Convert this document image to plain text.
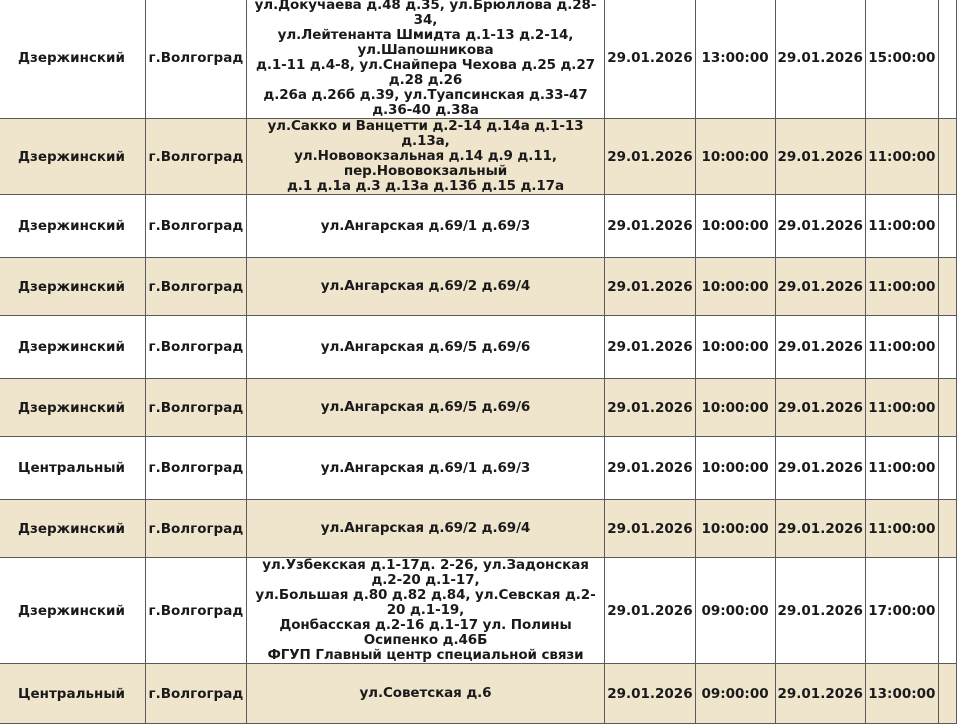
Дзержинский	г.Волгоград	ул.Докучаева д.48 д.35, ул.Брюллова д.28-34,
ул.Лейтенанта Шмидта д.1-13 д.2-14, ул.Шапошникова
д.1-11 д.4-8, ул.Снайпера Чехова д.25 д.27 д.28 д.26
д.26а д.26б д.39, ул.Туапсинская д.33-47 д.36-40 д.38а	29.01.2026	13:00:00	29.01.2026	15:00:00	
Дзержинский	г.Волгоград	ул.Сакко и Ванцетти д.2-14 д.14а д.1-13 д.13а,
ул.Нововокзальная д.14 д.9 д.11, пер.Нововокзальный
д.1 д.1а д.3 д.13а д.13б д.15 д.17а	29.01.2026	10:00:00	29.01.2026	11:00:00	
Дзержинский	г.Волгоград	ул.Ангарская д.69/1 д.69/3	29.01.2026	10:00:00	29.01.2026	11:00:00	
Дзержинский	г.Волгоград	ул.Ангарская д.69/2 д.69/4	29.01.2026	10:00:00	29.01.2026	11:00:00	
Дзержинский	г.Волгоград	ул.Ангарская д.69/5 д.69/6	29.01.2026	10:00:00	29.01.2026	11:00:00	
Дзержинский	г.Волгоград	ул.Ангарская д.69/5 д.69/6	29.01.2026	10:00:00	29.01.2026	11:00:00	
Центральный	г.Волгоград	ул.Ангарская д.69/1 д.69/3	29.01.2026	10:00:00	29.01.2026	11:00:00	
Дзержинский	г.Волгоград	ул.Ангарская д.69/2 д.69/4	29.01.2026	10:00:00	29.01.2026	11:00:00	
Дзержинский	г.Волгоград	ул.Узбекская д.1-17д. 2-26, ул.Задонская д.2-20 д.1-17,
ул.Большая д.80 д.82 д.84, ул.Севская д.2-20 д.1-19,
Донбасская д.2-16 д.1-17 ул. Полины Осипенко д.46Б
ФГУП Главный центр специальной связи	29.01.2026	09:00:00	29.01.2026	17:00:00	
Центральный	г.Волгоград	ул.Советская д.6	29.01.2026	09:00:00	29.01.2026	13:00:00	
